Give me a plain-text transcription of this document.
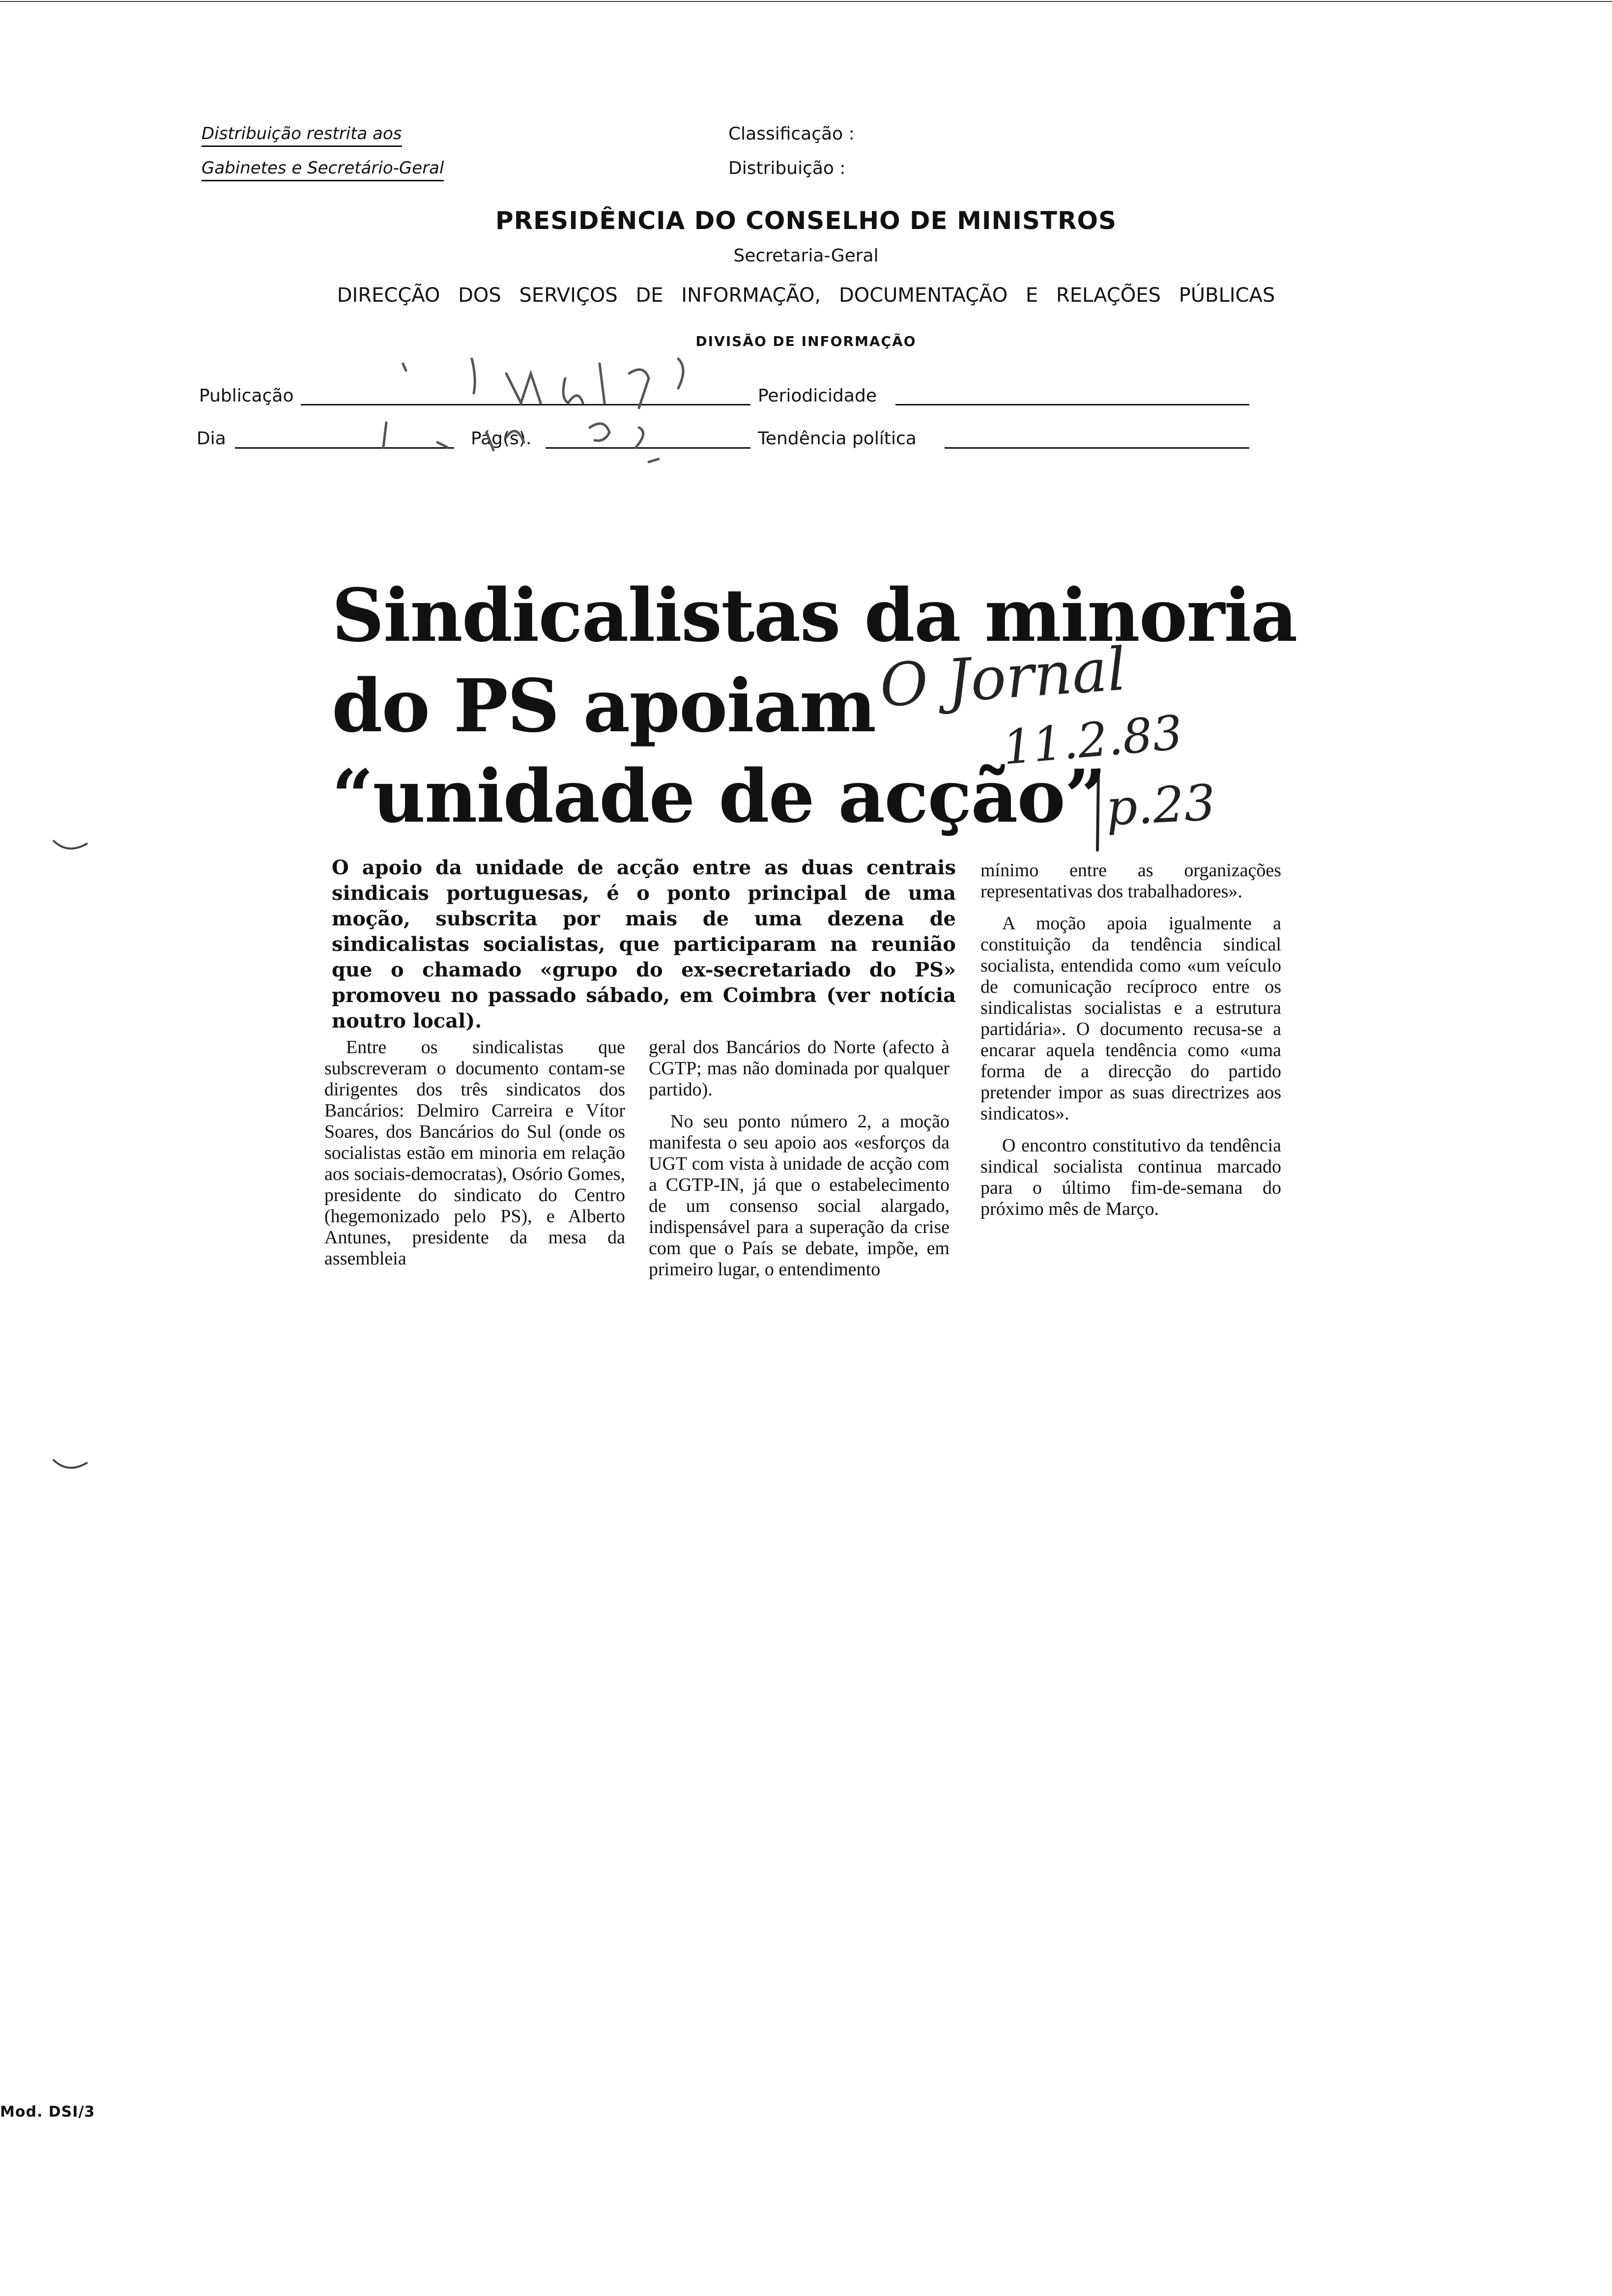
Distribuição restrita aos
Gabinetes e Secretário-Geral
Classificação :
Distribuição :
PRESIDÊNCIA DO CONSELHO DE MINISTROS
Secretaria-Geral
DIRECÇÃO DOS SERVIÇOS DE INFORMAÇÃO, DOCUMENTAÇÃO E RELAÇÕES PÚBLICAS
DIVISÃO DE INFORMAÇÃO
Publicação	Periodicidade
Dia	Pág(s).	Tendência política
O Jornal
11.2.83
p.23
Sindicalistas da minoria
do PS apoiam
“unidade de acção”
O apoio da unidade de acção entre as duas centrais sindicais portuguesas, é o ponto principal de uma moção, subscrita por mais de uma dezena de sindicalistas socialistas, que participaram na reunião que o chamado «grupo do ex-secretariado do PS» promoveu no passado sábado, em Coimbra (ver notícia noutro local).

Entre os sindicalistas que subscreveram o documento contam-se dirigentes dos três sindicatos dos Bancários: Delmiro Carreira e Vítor Soares, dos Bancários do Sul (onde os socialistas estão em minoria em relação aos sociais-democratas), Osório Gomes, presidente do sindicato do Centro (hegemonizado pelo PS), e Alberto Antunes, presidente da mesa da assembleia

geral dos Bancários do Norte (afecto à CGTP; mas não dominada por qualquer partido).

No seu ponto número 2, a moção manifesta o seu apoio aos «esforços da UGT com vista à unidade de acção com a CGTP-IN, já que o estabelecimento de um consenso social alargado, indispensável para a superação da crise com que o País se debate, impõe, em primeiro lugar, o entendimento

mínimo entre as organizações representativas dos trabalhadores».

A moção apoia igualmente a constituição da tendência sindical socialista, entendida como «um veículo de comunicação recíproco entre os sindicalistas socialistas e a estrutura partidária». O documento recusa-se a encarar aquela tendência como «uma forma de a direcção do partido pretender impor as suas directrizes aos sindicatos».

O encontro constitutivo da tendência sindical socialista continua marcado para o último fim-de-semana do próximo mês de Março.

Mod. DSI/3
